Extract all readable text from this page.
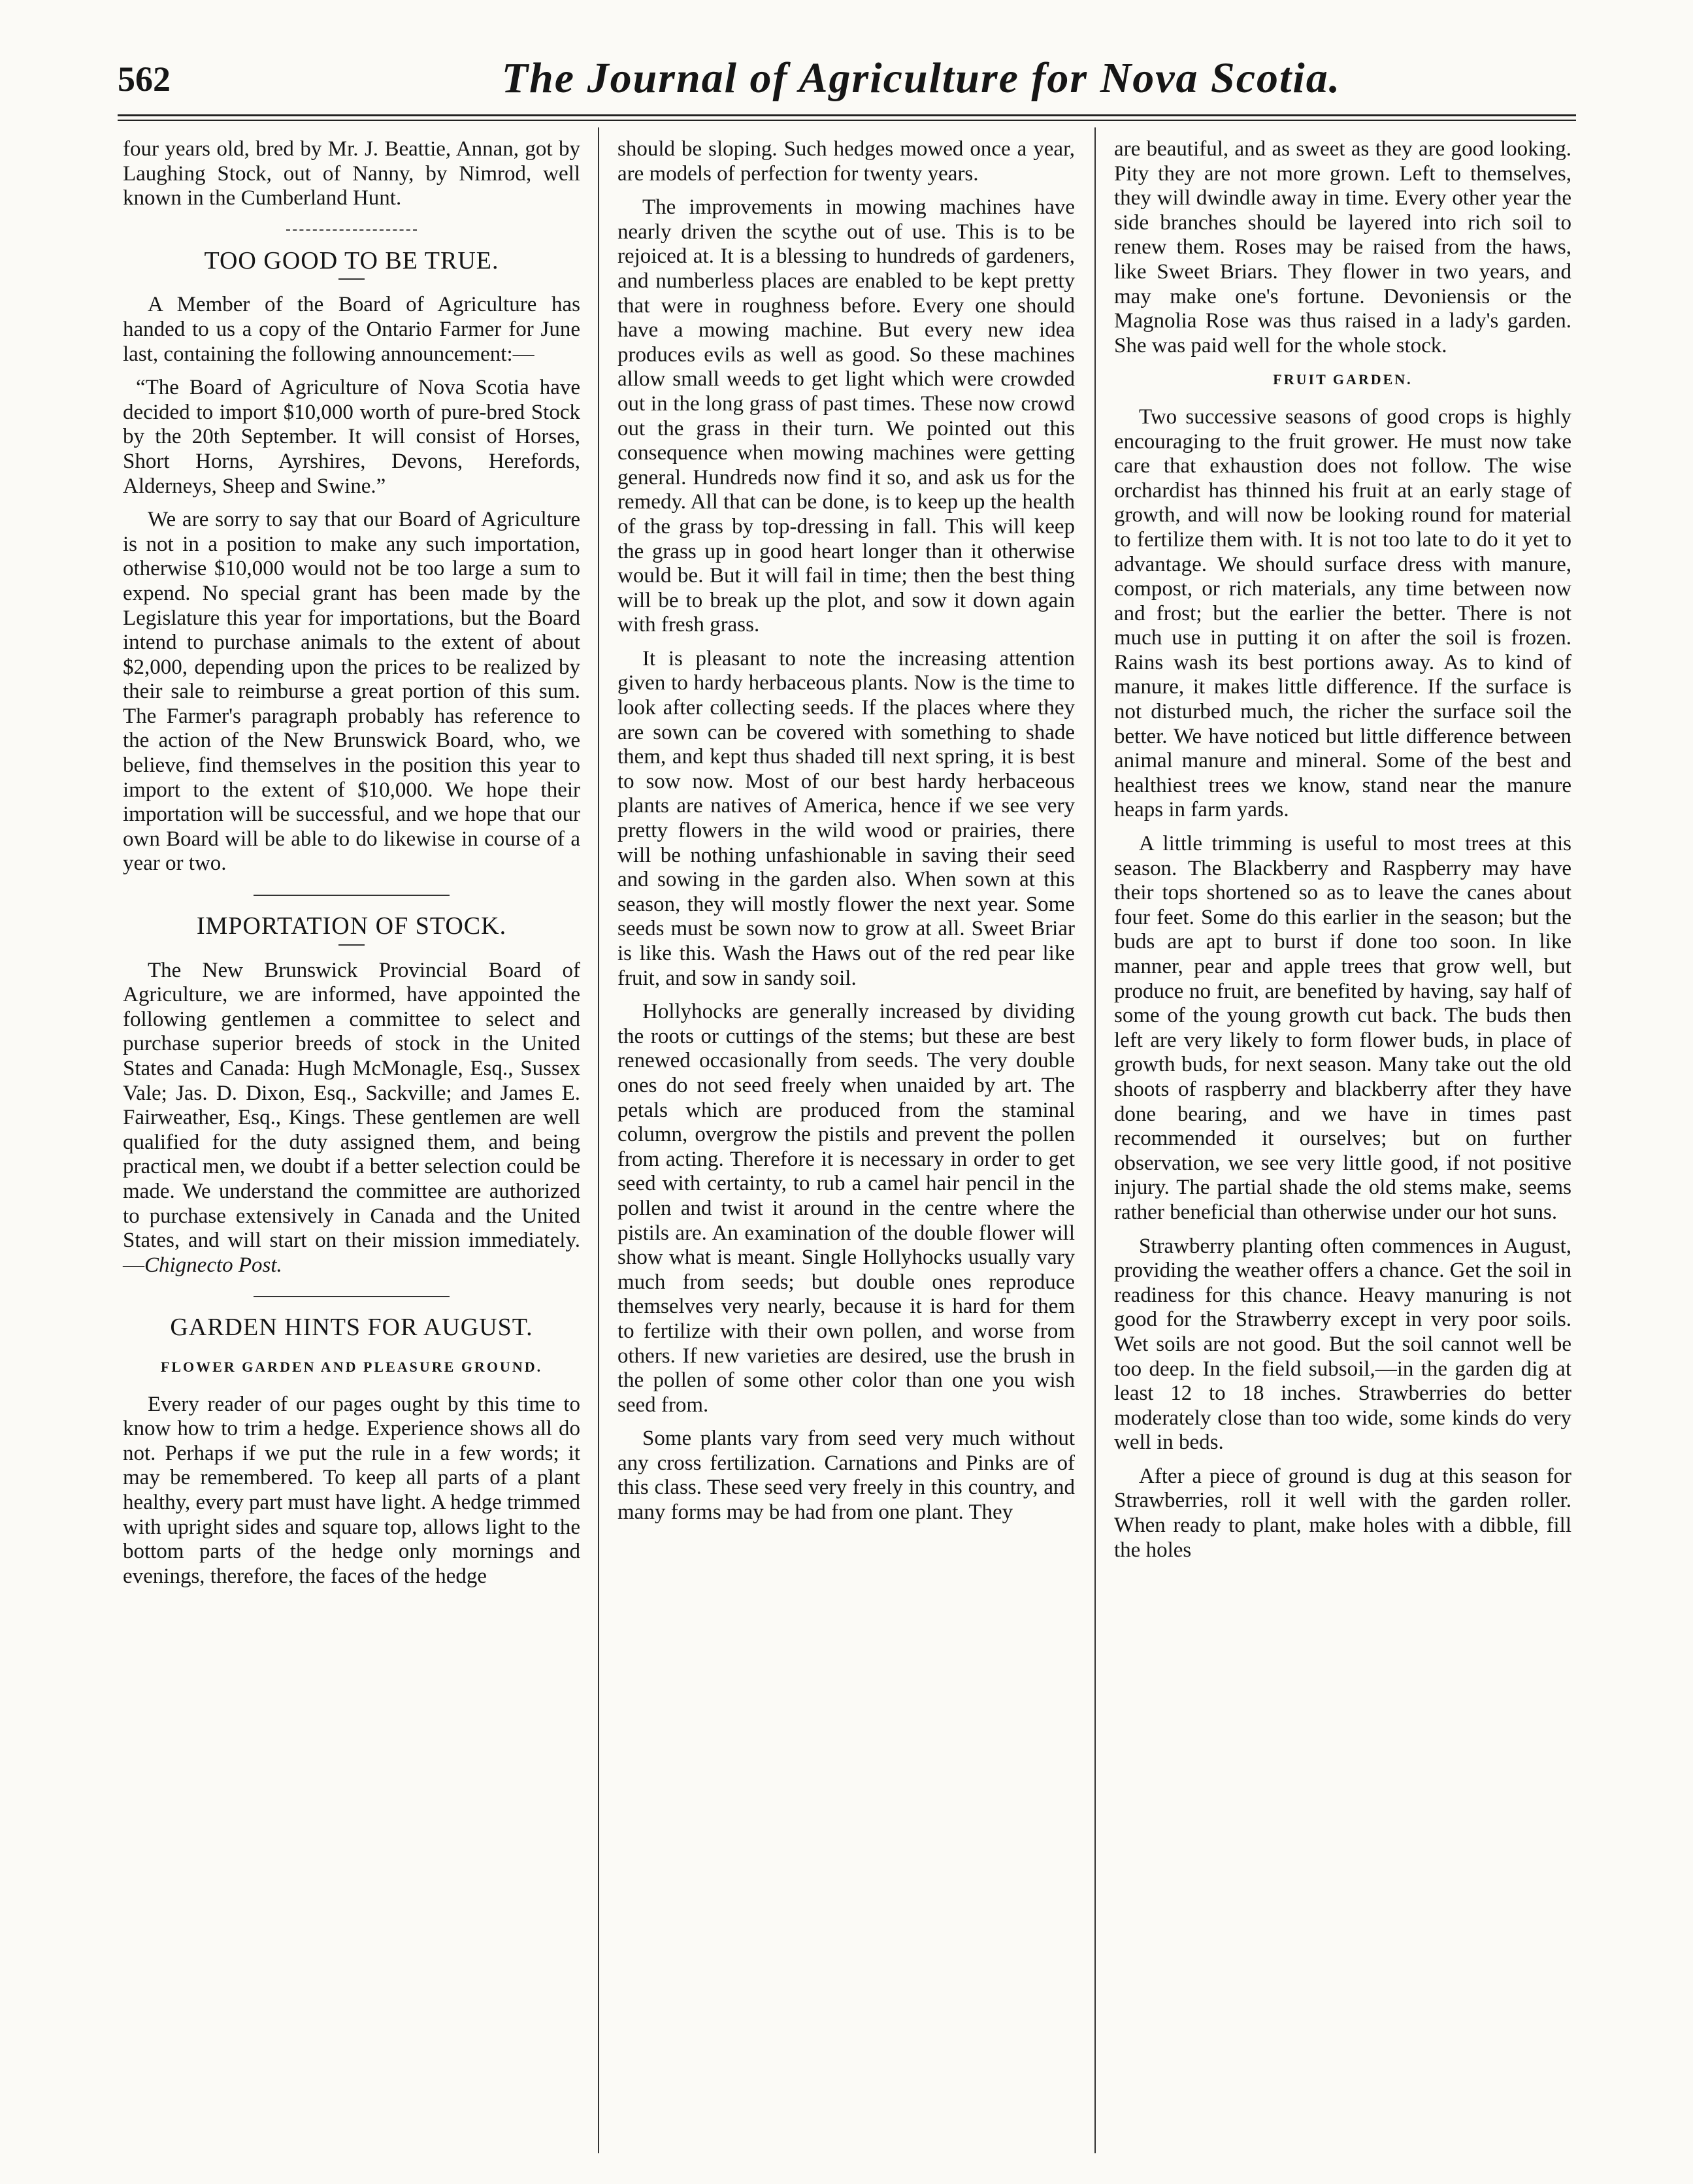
562	The Journal of Agriculture for Nova Scotia.

four years old, bred by Mr. J. Beattie, Annan, got by Laughing Stock, out of Nanny, by Nimrod, well known in the Cumberland Hunt.

TOO GOOD TO BE TRUE.

A Member of the Board of Agriculture has handed to us a copy of the Ontario Farmer for June last, containing the following announcement:—

“The Board of Agriculture of Nova Scotia have decided to import $10,000 worth of pure-bred Stock by the 20th September. It will consist of Horses, Short Horns, Ayrshires, Devons, Herefords, Alderneys, Sheep and Swine.”

We are sorry to say that our Board of Agriculture is not in a position to make any such importation, otherwise $10,000 would not be too large a sum to expend. No special grant has been made by the Legislature this year for importations, but the Board intend to purchase animals to the extent of about $2,000, depending upon the prices to be realized by their sale to reimburse a great portion of this sum. The Farmer's paragraph probably has reference to the action of the New Brunswick Board, who, we believe, find themselves in the position this year to import to the extent of $10,000. We hope their importation will be successful, and we hope that our own Board will be able to do likewise in course of a year or two.

IMPORTATION OF STOCK.

The New Brunswick Provincial Board of Agriculture, we are informed, have appointed the following gentlemen a committee to select and purchase superior breeds of stock in the United States and Canada: Hugh McMonagle, Esq., Sussex Vale; Jas. D. Dixon, Esq., Sackville; and James E. Fairweather, Esq., Kings. These gentlemen are well qualified for the duty assigned them, and being practical men, we doubt if a better selection could be made. We understand the committee are authorized to purchase extensively in Canada and the United States, and will start on their mission immediately.—Chignecto Post.

GARDEN HINTS FOR AUGUST.
FLOWER GARDEN AND PLEASURE GROUND.

Every reader of our pages ought by this time to know how to trim a hedge. Experience shows all do not. Perhaps if we put the rule in a few words; it may be remembered. To keep all parts of a plant healthy, every part must have light. A hedge trimmed with upright sides and square top, allows light to the bottom parts of the hedge only mornings and evenings, therefore, the faces of the hedge

should be sloping. Such hedges mowed once a year, are models of perfection for twenty years.

The improvements in mowing machines have nearly driven the scythe out of use. This is to be rejoiced at. It is a blessing to hundreds of gardeners, and numberless places are enabled to be kept pretty that were in roughness before. Every one should have a mowing machine. But every new idea produces evils as well as good. So these machines allow small weeds to get light which were crowded out in the long grass of past times. These now crowd out the grass in their turn. We pointed out this consequence when mowing machines were getting general. Hundreds now find it so, and ask us for the remedy. All that can be done, is to keep up the health of the grass by top-dressing in fall. This will keep the grass up in good heart longer than it otherwise would be. But it will fail in time; then the best thing will be to break up the plot, and sow it down again with fresh grass.

It is pleasant to note the increasing attention given to hardy herbaceous plants. Now is the time to look after collecting seeds. If the places where they are sown can be covered with something to shade them, and kept thus shaded till next spring, it is best to sow now. Most of our best hardy herbaceous plants are natives of America, hence if we see very pretty flowers in the wild wood or prairies, there will be nothing unfashionable in saving their seed and sowing in the garden also. When sown at this season, they will mostly flower the next year. Some seeds must be sown now to grow at all. Sweet Briar is like this. Wash the Haws out of the red pear like fruit, and sow in sandy soil.

Hollyhocks are generally increased by dividing the roots or cuttings of the stems; but these are best renewed occasionally from seeds. The very double ones do not seed freely when unaided by art. The petals which are produced from the staminal column, overgrow the pistils and prevent the pollen from acting. Therefore it is necessary in order to get seed with certainty, to rub a camel hair pencil in the pollen and twist it around in the centre where the pistils are. An examination of the double flower will show what is meant. Single Hollyhocks usually vary much from seeds; but double ones reproduce themselves very nearly, because it is hard for them to fertilize with their own pollen, and worse from others. If new varieties are desired, use the brush in the pollen of some other color than one you wish seed from.

Some plants vary from seed very much without any cross fertilization. Carnations and Pinks are of this class. These seed very freely in this country, and many forms may be had from one plant. They

are beautiful, and as sweet as they are good looking. Pity they are not more grown. Left to themselves, they will dwindle away in time. Every other year the side branches should be layered into rich soil to renew them. Roses may be raised from the haws, like Sweet Briars. They flower in two years, and may make one's fortune. Devoniensis or the Magnolia Rose was thus raised in a lady's garden. She was paid well for the whole stock.

FRUIT GARDEN.

Two successive seasons of good crops is highly encouraging to the fruit grower. He must now take care that exhaustion does not follow. The wise orchardist has thinned his fruit at an early stage of growth, and will now be looking round for material to fertilize them with. It is not too late to do it yet to advantage. We should surface dress with manure, compost, or rich materials, any time between now and frost; but the earlier the better. There is not much use in putting it on after the soil is frozen. Rains wash its best portions away. As to kind of manure, it makes little difference. If the surface is not disturbed much, the richer the surface soil the better. We have noticed but little difference between animal manure and mineral. Some of the best and healthiest trees we know, stand near the manure heaps in farm yards.

A little trimming is useful to most trees at this season. The Blackberry and Raspberry may have their tops shortened so as to leave the canes about four feet. Some do this earlier in the season; but the buds are apt to burst if done too soon. In like manner, pear and apple trees that grow well, but produce no fruit, are benefited by having, say half of some of the young growth cut back. The buds then left are very likely to form flower buds, in place of growth buds, for next season. Many take out the old shoots of raspberry and blackberry after they have done bearing, and we have in times past recommended it ourselves; but on further observation, we see very little good, if not positive injury. The partial shade the old stems make, seems rather beneficial than otherwise under our hot suns.

Strawberry planting often commences in August, providing the weather offers a chance. Get the soil in readiness for this chance. Heavy manuring is not good for the Strawberry except in very poor soils. Wet soils are not good. But the soil cannot well be too deep. In the field subsoil,—in the garden dig at least 12 to 18 inches. Strawberries do better moderately close than too wide, some kinds do very well in beds.

After a piece of ground is dug at this season for Strawberries, roll it well with the garden roller. When ready to plant, make holes with a dibble, fill the holes
